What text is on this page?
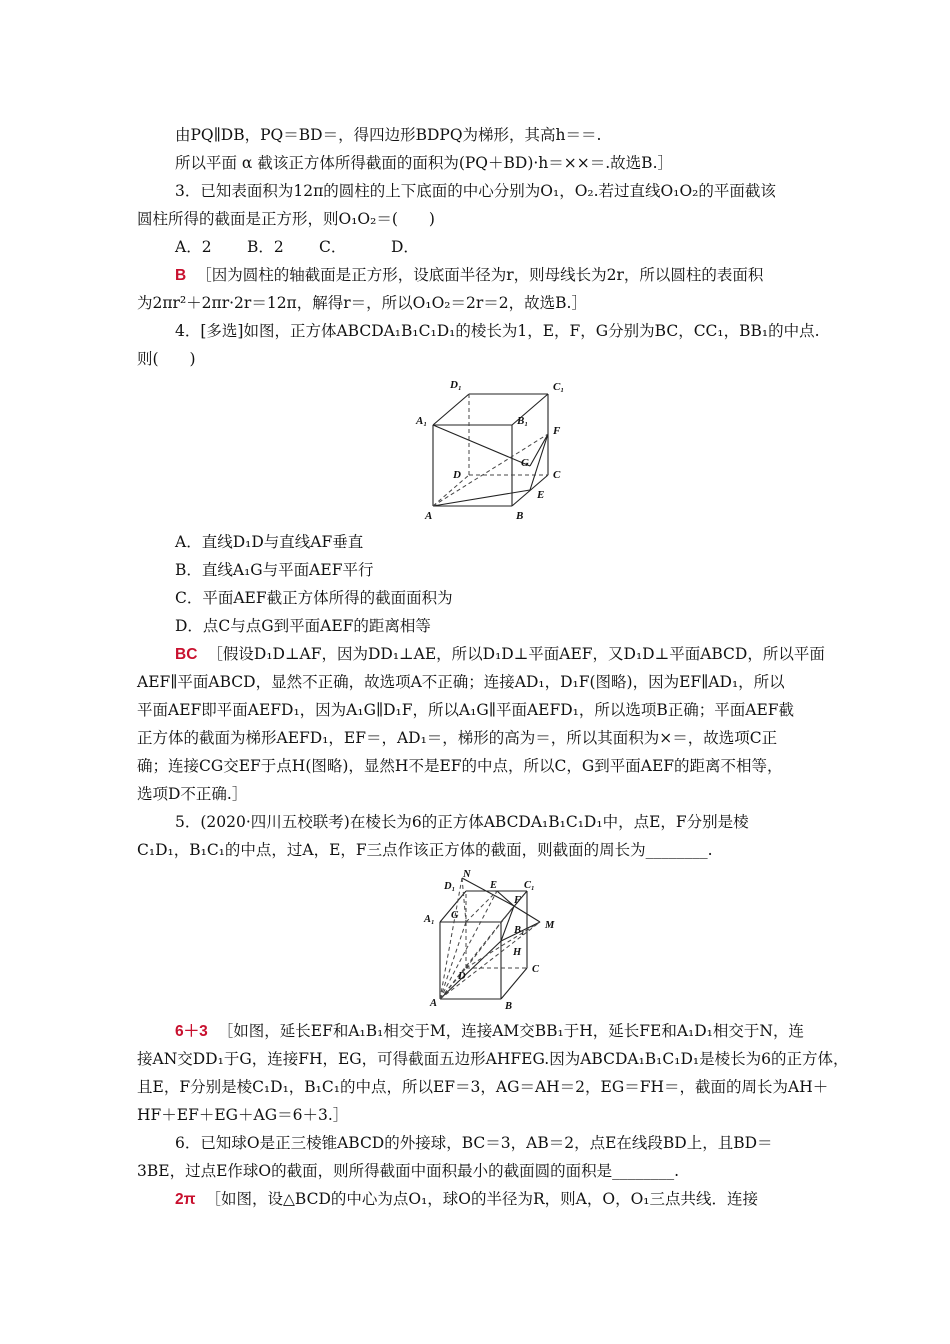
由PQ∥DB，PQ＝BD＝，得四边形BDPQ为梯形，其高h＝＝.
所以平面 α 截该正方体所得截面的面积为(PQ＋BD)·h＝××＝.故选B.］
3．已知表面积为12π的圆柱的上下底面的中心分别为O₁，O₂.若过直线O₁O₂的平面截该
圆柱所得的截面是正方形，则O₁O₂＝(　　)
A．2 B．2 C．	D．
B ［因为圆柱的轴截面是正方形，设底面半径为r，则母线长为2r，所以圆柱的表面积
为2πr²＋2πr·2r＝12π，解得r＝，所以O₁O₂＝2r＝2，故选B.］
4．[多选]如图，正方体ABCDA₁B₁C₁D₁的棱长为1，E，F，G分别为BC，CC₁，BB₁的中点.
则(　　)
D₁	C₁
A₁	B₁
F
G
D	C
E
A	B
A．直线D₁D与直线AF垂直
B．直线A₁G与平面AEF平行
C．平面AEF截正方体所得的截面面积为
D．点C与点G到平面AEF的距离相等
BC ［假设D₁D⊥AF，因为DD₁⊥AE，所以D₁D⊥平面AEF，又D₁D⊥平面ABCD，所以平面
AEF∥平面ABCD，显然不正确，故选项A不正确；连接AD₁，D₁F(图略)，因为EF∥AD₁，所以
平面AEF即平面AEFD₁，因为A₁G∥D₁F，所以A₁G∥平面AEFD₁，所以选项B正确；平面AEF截
正方体的截面为梯形AEFD₁，EF＝，AD₁＝，梯形的高为＝，所以其面积为×＝，故选项C正
确；连接CG交EF于点H(图略)，显然H不是EF的中点，所以C，G到平面AEF的距离不相等，
选项D不正确.］
5．(2020·四川五校联考)在棱长为6的正方体ABCDA₁B₁C₁D₁中，点E，F分别是棱
C₁D₁，B₁C₁的中点，过A，E，F三点作该正方体的截面，则截面的周长为________.
N
D₁	E	C₁
F
A₁ G
B₁ M
H
D
C
A	B
6＋3 ［如图，延长EF和A₁B₁相交于M，连接AM交BB₁于H，延长FE和A₁D₁相交于N，连
接AN交DD₁于G，连接FH，EG，可得截面五边形AHFEG.因为ABCDA₁B₁C₁D₁是棱长为6的正方体，
且E，F分别是棱C₁D₁，B₁C₁的中点，所以EF＝3，AG＝AH＝2，EG＝FH＝，截面的周长为AH＋
HF＋EF＋EG＋AG＝6＋3.］
6．已知球O是正三棱锥ABCD的外接球，BC＝3，AB＝2，点E在线段BD上，且BD＝
3BE，过点E作球O的截面，则所得截面中面积最小的截面圆的面积是________.
2π ［如图，设△BCD的中心为点O₁，球O的半径为R，则A，O，O₁三点共线．连接
